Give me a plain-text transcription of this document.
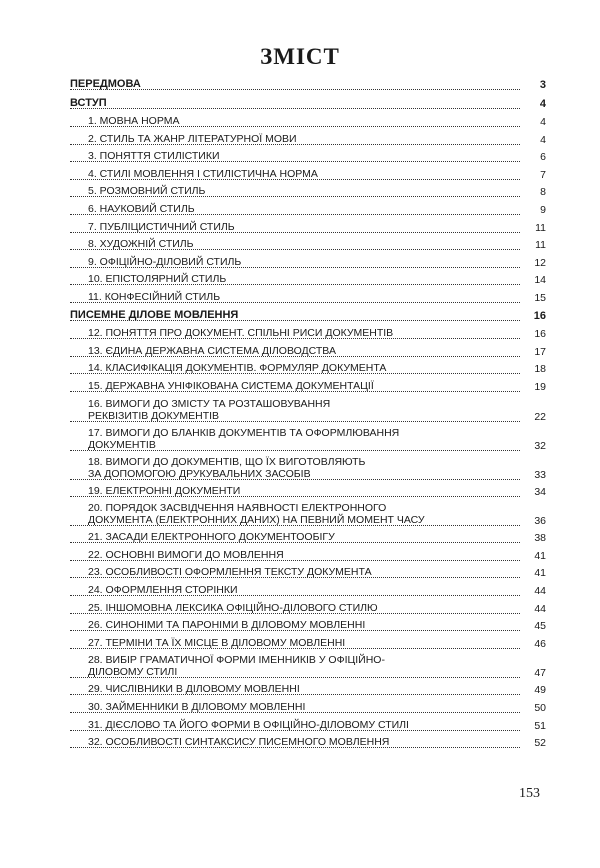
ЗМІСТ
ПЕРЕДМОВА	3
ВСТУП	4
1. МОВНА НОРМА	4
2. СТИЛЬ ТА ЖАНР ЛІТЕРАТУРНОЇ МОВИ	4
3. ПОНЯТТЯ СТИЛІСТИКИ	6
4. СТИЛІ МОВЛЕННЯ І СТИЛІСТИЧНА НОРМА	7
5. РОЗМОВНИЙ СТИЛЬ	8
6. НАУКОВИЙ СТИЛЬ	9
7. ПУБЛІЦИСТИЧНИЙ СТИЛЬ	11
8. ХУДОЖНІЙ СТИЛЬ	11
9. ОФІЦІЙНО-ДІЛОВИЙ СТИЛЬ	12
10. ЕПІСТОЛЯРНИЙ СТИЛЬ	14
11. КОНФЕСІЙНИЙ СТИЛЬ	15
ПИСЕМНЕ ДІЛОВЕ МОВЛЕННЯ	16
12. ПОНЯТТЯ ПРО ДОКУМЕНТ. СПІЛЬНІ РИСИ ДОКУМЕНТІВ	16
13. ЄДИНА ДЕРЖАВНА СИСТЕМА ДІЛОВОДСТВА	17
14. КЛАСИФІКАЦІЯ ДОКУМЕНТІВ. ФОРМУЛЯР ДОКУМЕНТА	18
15. ДЕРЖАВНА УНІФІКОВАНА СИСТЕМА ДОКУМЕНТАЦІЇ	19
16. ВИМОГИ ДО ЗМІСТУ ТА РОЗТАШОВУВАННЯ
РЕКВІЗИТІВ ДОКУМЕНТІВ	22
17. ВИМОГИ ДО БЛАНКІВ ДОКУМЕНТІВ ТА ОФОРМЛЮВАННЯ
ДОКУМЕНТІВ	32
18. ВИМОГИ ДО ДОКУМЕНТІВ, ЩО ЇХ ВИГОТОВЛЯЮТЬ
ЗА ДОПОМОГОЮ ДРУКУВАЛЬНИХ ЗАСОБІВ	33
19. ЕЛЕКТРОННІ ДОКУМЕНТИ	34
20. ПОРЯДОК ЗАСВІДЧЕННЯ НАЯВНОСТІ ЕЛЕКТРОННОГО
ДОКУМЕНТА (ЕЛЕКТРОННИХ ДАНИХ) НА ПЕВНИЙ МОМЕНТ ЧАСУ	36
21. ЗАСАДИ ЕЛЕКТРОННОГО ДОКУМЕНТООБІГУ	38
22. ОСНОВНІ ВИМОГИ ДО МОВЛЕННЯ	41
23. ОСОБЛИВОСТІ ОФОРМЛЕННЯ ТЕКСТУ ДОКУМЕНТА	41
24. ОФОРМЛЕННЯ СТОРІНКИ	44
25. ІНШОМОВНА ЛЕКСИКА ОФІЦІЙНО-ДІЛОВОГО СТИЛЮ	44
26. СИНОНІМИ ТА ПАРОНІМИ В ДІЛОВОМУ МОВЛЕННІ	45
27. ТЕРМІНИ ТА ЇХ МІСЦЕ В ДІЛОВОМУ МОВЛЕННІ	46
28. ВИБІР ГРАМАТИЧНОЇ ФОРМИ ІМЕННИКІВ У ОФІЦІЙНО-
ДІЛОВОМУ СТИЛІ	47
29. ЧИСЛІВНИКИ В ДІЛОВОМУ МОВЛЕННІ	49
30. ЗАЙМЕННИКИ В ДІЛОВОМУ МОВЛЕННІ	50
31. ДІЄСЛОВО ТА ЙОГО ФОРМИ В ОФІЦІЙНО-ДІЛОВОМУ СТИЛІ	51
32. ОСОБЛИВОСТІ СИНТАКСИСУ ПИСЕМНОГО МОВЛЕННЯ	52
153
